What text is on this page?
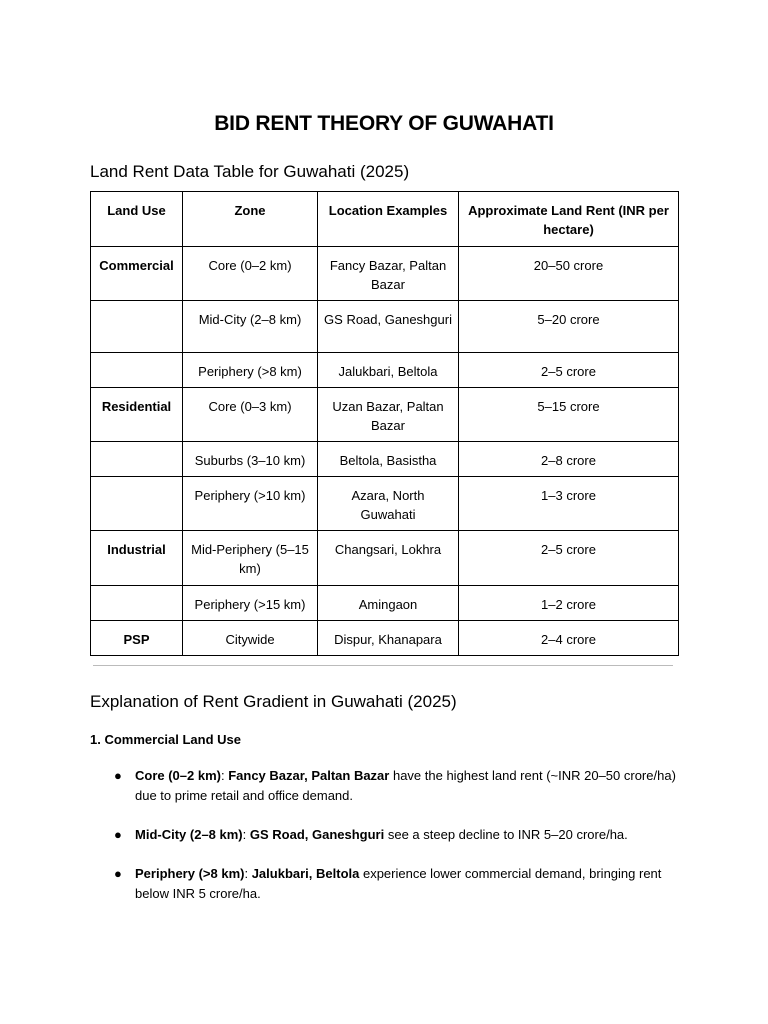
BID RENT THEORY OF GUWAHATI
Land Rent Data Table for Guwahati (2025)
Land Use	Zone	Location Examples	Approximate Land Rent (INR per hectare)
Commercial	Core (0–2 km)	Fancy Bazar, Paltan Bazar	20–50 crore
	Mid-City (2–8 km)	GS Road, Ganeshguri	5–20 crore
	Periphery (>8 km)	Jalukbari, Beltola	2–5 crore
Residential	Core (0–3 km)	Uzan Bazar, Paltan Bazar	5–15 crore
	Suburbs (3–10 km)	Beltola, Basistha	2–8 crore
	Periphery (>10 km)	Azara, North Guwahati	1–3 crore
Industrial	Mid-Periphery (5–15 km)	Changsari, Lokhra	2–5 crore
	Periphery (>15 km)	Amingaon	1–2 crore
PSP	Citywide	Dispur, Khanapara	2–4 crore
Explanation of Rent Gradient in Guwahati (2025)
1. Commercial Land Use
● Core (0–2 km): Fancy Bazar, Paltan Bazar have the highest land rent (~INR 20–50 crore/ha) due to prime retail and office demand.
● Mid-City (2–8 km): GS Road, Ganeshguri see a steep decline to INR 5–20 crore/ha.
● Periphery (>8 km): Jalukbari, Beltola experience lower commercial demand, bringing rent below INR 5 crore/ha.
